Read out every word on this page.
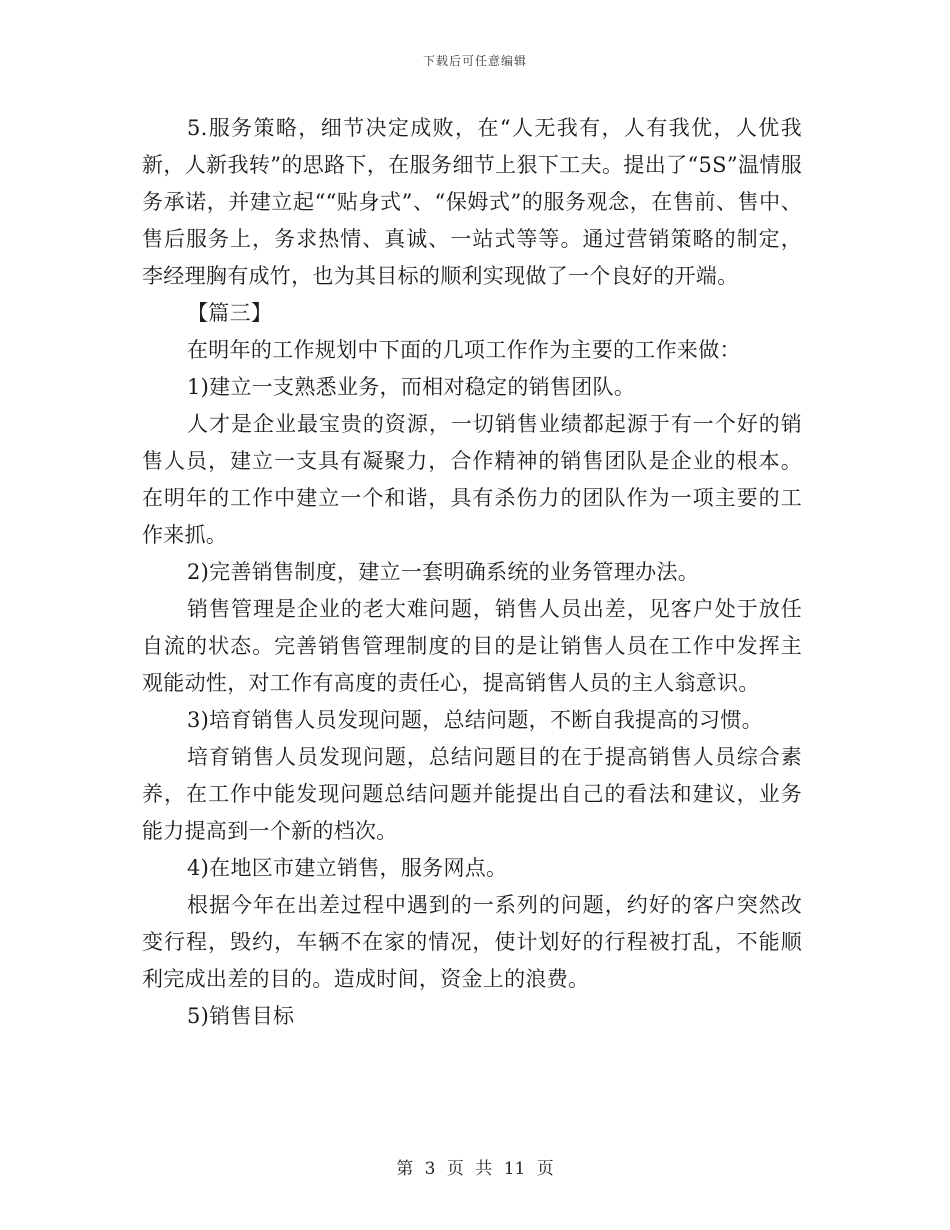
下载后可任意编辑

5.服务策略，细节决定成败，在“人无我有，人有我优，人优我新，人新我转”的思路下，在服务细节上狠下工夫。提出了“5S”温情服务承诺，并建立起““贴身式”、“保姆式”的服务观念，在售前、售中、售后服务上，务求热情、真诚、一站式等等。通过营销策略的制定，李经理胸有成竹，也为其目标的顺利实现做了一个良好的开端。

【篇三】

在明年的工作规划中下面的几项工作作为主要的工作来做：

1)建立一支熟悉业务，而相对稳定的销售团队。

人才是企业最宝贵的资源，一切销售业绩都起源于有一个好的销售人员，建立一支具有凝聚力，合作精神的销售团队是企业的根本。在明年的工作中建立一个和谐，具有杀伤力的团队作为一项主要的工作来抓。

2)完善销售制度，建立一套明确系统的业务管理办法。

销售管理是企业的老大难问题，销售人员出差，见客户处于放任自流的状态。完善销售管理制度的目的是让销售人员在工作中发挥主观能动性，对工作有高度的责任心，提高销售人员的主人翁意识。

3)培育销售人员发现问题，总结问题，不断自我提高的习惯。

培育销售人员发现问题，总结问题目的在于提高销售人员综合素养，在工作中能发现问题总结问题并能提出自己的看法和建议，业务能力提高到一个新的档次。

4)在地区市建立销售，服务网点。

根据今年在出差过程中遇到的一系列的问题，约好的客户突然改变行程，毁约，车辆不在家的情况，使计划好的行程被打乱，不能顺利完成出差的目的。造成时间，资金上的浪费。

5)销售目标

第 3 页 共 11 页
